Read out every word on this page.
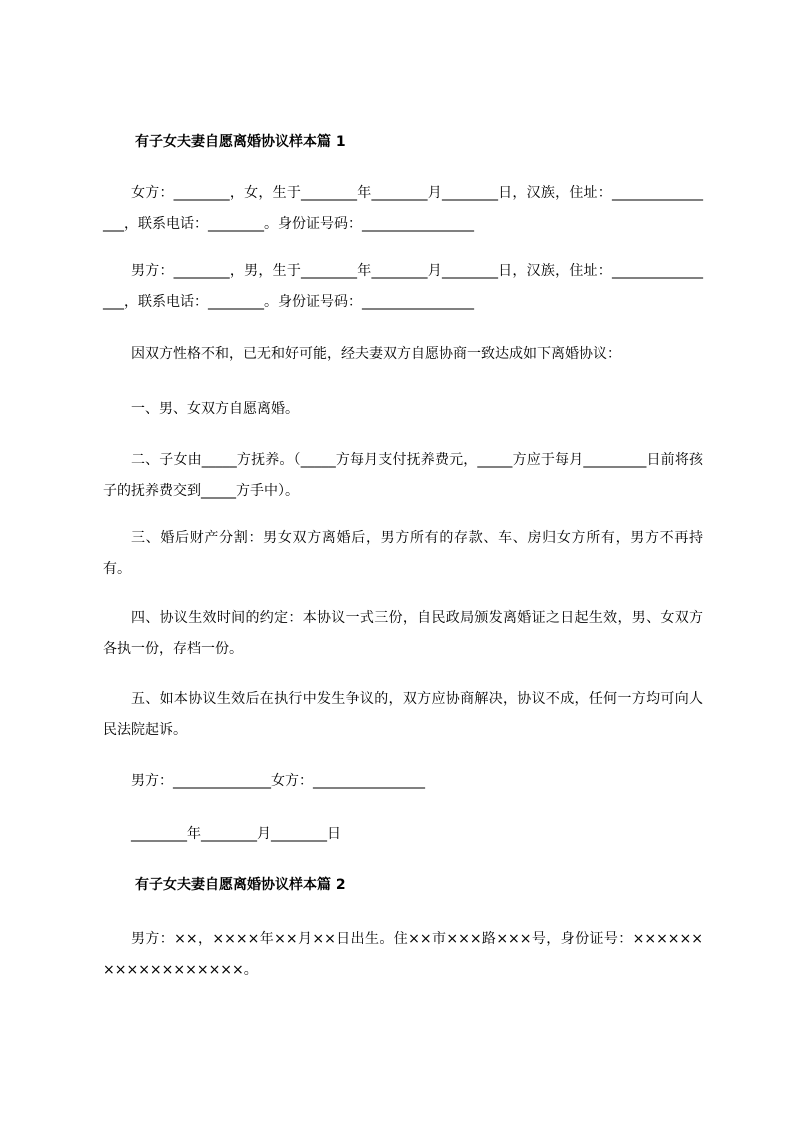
有子女夫妻自愿离婚协议样本篇 1
女方：________，女，生于________年________月________日，汉族，住址：________________，联系电话：________。身份证号码：________________
男方：________，男，生于________年________月________日，汉族，住址：________________，联系电话：________。身份证号码：________________
因双方性格不和，已无和好可能，经夫妻双方自愿协商一致达成如下离婚协议：
一、男、女双方自愿离婚。
二、子女由_____方抚养。（_____方每月支付抚养费元，_____方应于每月_________日前将孩子的抚养费交到_____方手中）。
三、婚后财产分割：男女双方离婚后，男方所有的存款、车、房归女方所有，男方不再持有。
四、协议生效时间的约定：本协议一式三份，自民政局颁发离婚证之日起生效，男、女双方各执一份，存档一份。
五、如本协议生效后在执行中发生争议的，双方应协商解决，协议不成，任何一方均可向人民法院起诉。
男方：______________女方：________________
________年________月________日
有子女夫妻自愿离婚协议样本篇 2
男方：××，××××年××月××日出生。住××市×××路×××号，身份证号：××××××××××××××××××。
